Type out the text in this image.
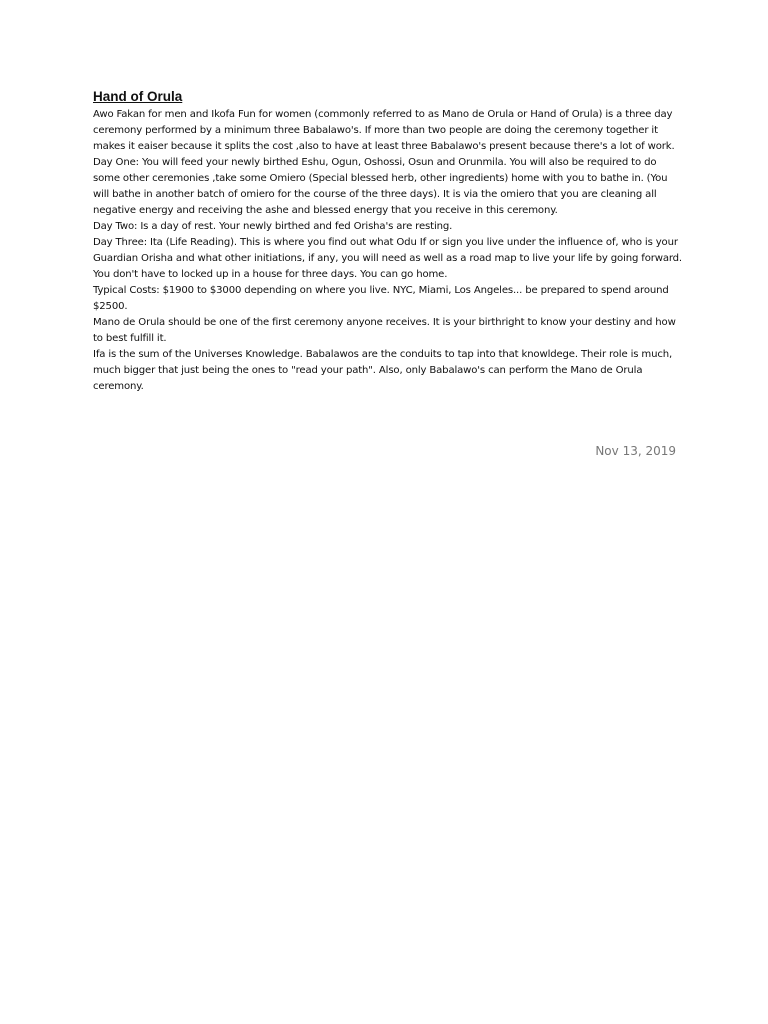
Hand of Orula

Awo Fakan for men and Ikofa Fun for women (commonly referred to as Mano de Orula or Hand of Orula) is a three day ceremony performed by a minimum three Babalawo's. If more than two people are doing the ceremony together it makes it eaiser because it splits the cost ,also to have at least three Babalawo's present because there's a lot of work.

Day One: You will feed your newly birthed Eshu, Ogun, Oshossi, Osun and Orunmila. You will also be required to do some other ceremonies ,take some Omiero (Special blessed herb, other ingredients) home with you to bathe in. (You will bathe in another batch of omiero for the course of the three days). It is via the omiero that you are cleaning all negative energy and receiving the ashe and blessed energy that you receive in this ceremony.

Day Two: Is a day of rest. Your newly birthed and fed Orisha's are resting.

Day Three: Ita (Life Reading). This is where you find out what Odu If or sign you live under the influence of, who is your Guardian Orisha and what other initiations, if any, you will need as well as a road map to live your life by going forward.

You don't have to locked up in a house for three days. You can go home.

Typical Costs: $1900 to $3000 depending on where you live. NYC, Miami, Los Angeles... be prepared to spend around $2500.

Mano de Orula should be one of the first ceremony anyone receives. It is your birthright to know your destiny and how to best fulfill it.

Ifa is the sum of the Universes Knowledge. Babalawos are the conduits to tap into that knowldege. Their role is much, much bigger that just being the ones to "read your path". Also, only Babalawo's can perform the Mano de Orula ceremony.

Nov 13, 2019
